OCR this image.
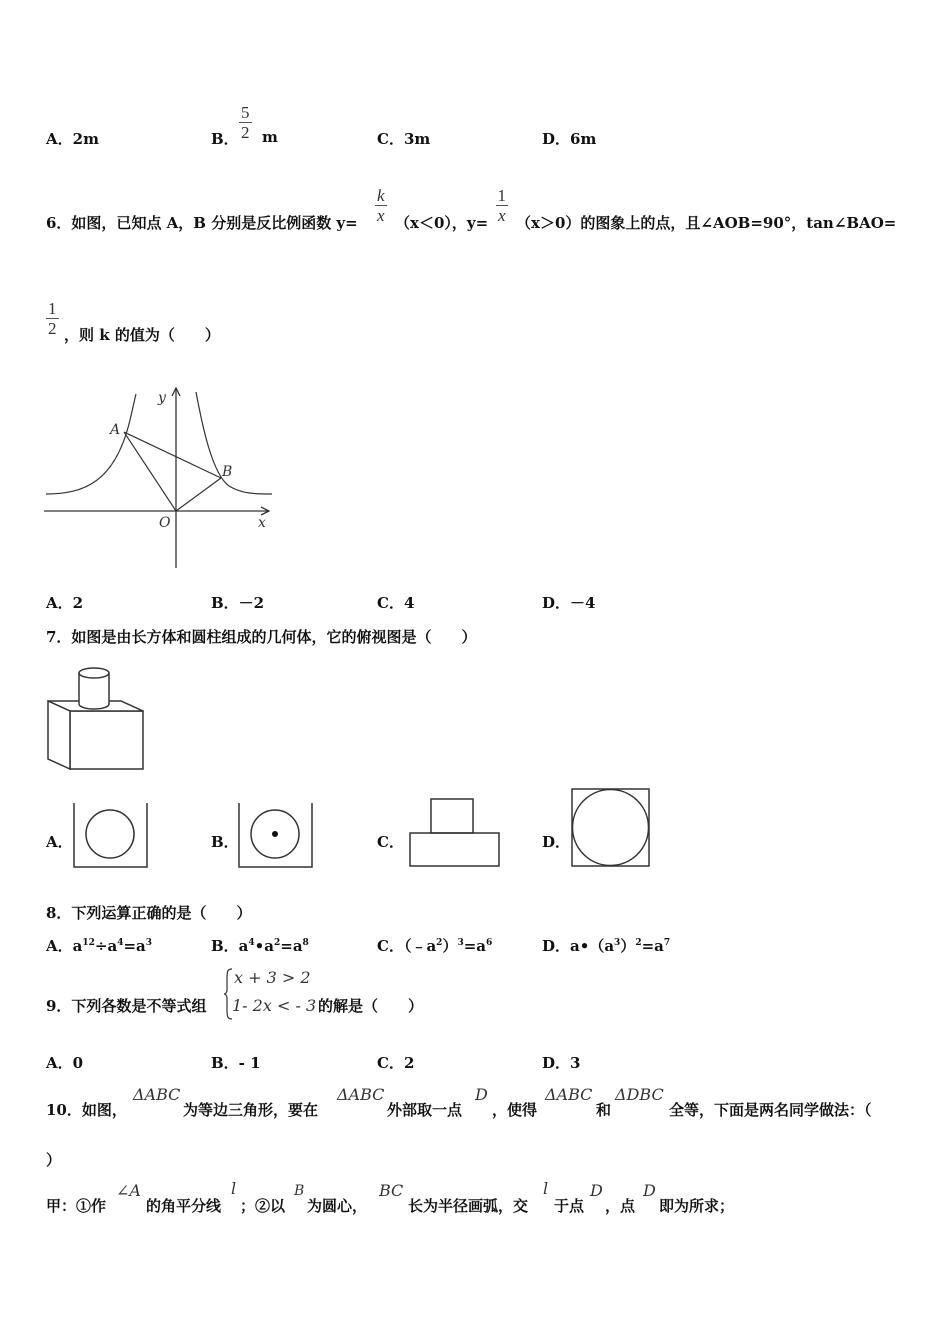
A．2m	B． $\frac{5}{2}$ m	C．3m	D．6m
6．如图，已知点 A，B 分别是反比例函数 $y= \frac{k}{x} (x<0)$，$y= \frac{1}{x} (x>0)$的图象上的点，且∠AOB=90°，tan∠BAO=
$\frac{1}{2}$ ，则 k 的值为（　　）
y
x
O
A
B
A．2	B．－2	C．4	D．－4
7．如图是由长方体和圆柱组成的几何体，它的俯视图是（　　）
A．	B．	C．	D．
8．下列运算正确的是（　　）
A．$a^{12}\div a^4=a^3$	B．$a^4•a^2=a^8$	C．$(﹣a^2)^3=a^6$	D．$a•(a^3)^2=a^7$
9．下列各数是不等式组
x + 3 > 2
1- 2x < - 3 的解是（　　）
A．0	B．- 1	C．2	D．3
10．如图，
ΔABC
为等边三角形，要在
ΔABC
外部取一点
D
，使得
ΔABC
和
ΔDBC
全等，下面是两名同学做法：（
）
甲：①作
∠A
的角平分线
l
；②以
B
为圆心，
BC
长为半径画弧，交
l
于点
D
，点
D
即为所求；
